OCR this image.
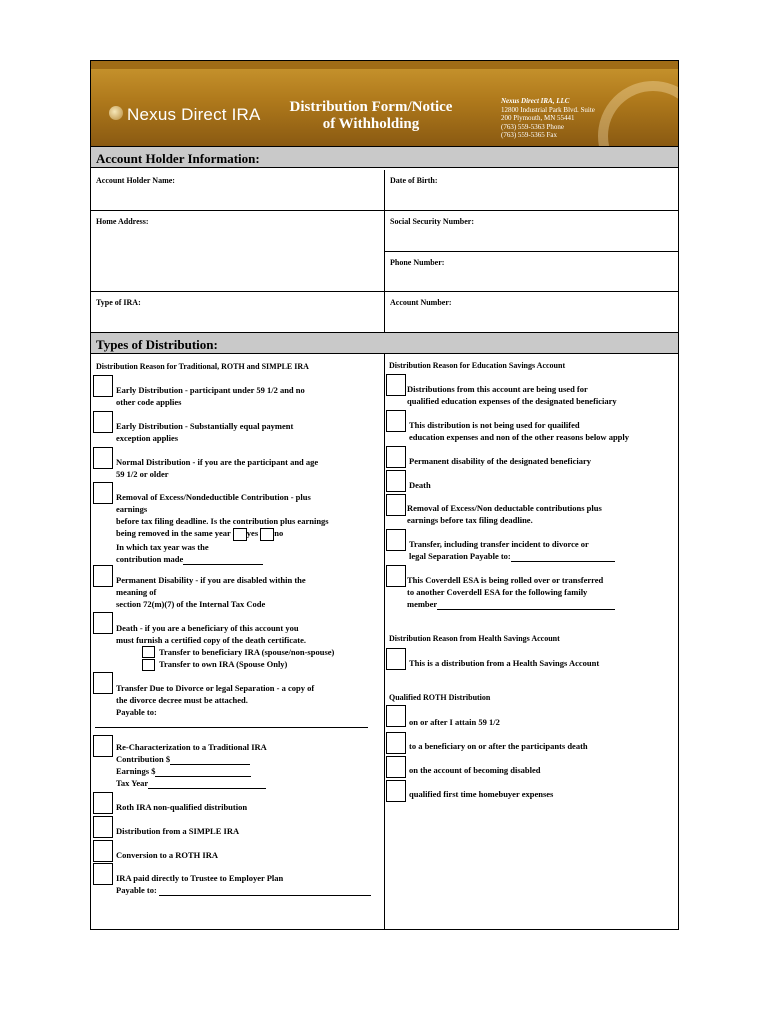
Nexus Direct IRA	Distribution Form/Notice
of Withholding
Nexus Direct IRA, LLC
12800 Industrial Park Blvd. Suite
200 Plymouth, MN 55441
(763) 559-5363 Phone
(763) 559-5365 Fax
Account Holder Information:
Account Holder Name:	Date of Birth:
Home Address:	Social Security Number:
Phone Number:
Type of IRA:	Account Number:
Types of Distribution:
Distribution Reason for Traditional, ROTH and SIMPLE IRA
Early Distribution - participant under 59 1/2 and no
other code applies
Early Distribution - Substantially equal payment
exception applies
Normal Distribution - if you are the participant and age
59 1/2 or older
Removal of Excess/Nondeductible Contribution - plus
earnings
before tax filing deadline. Is the contribution plus earnings
being removed in the same year yes no
In which tax year was the
contribution made
Permanent Disability - if you are disabled within the
meaning of
section 72(m)(7) of the Internal Tax Code
Death - if you are a beneficiary of this account you
must furnish a certified copy of the death certificate.
Transfer to beneficiary IRA (spouse/non-spouse)
Transfer to own IRA (Spouse Only)
Transfer Due to Divorce or legal Separation - a copy of
the divorce decree must be attached.
Payable to:
Re-Characterization to a Traditional IRA
Contribution $
Earnings $
Tax Year
Roth IRA non-qualified distribution
Distribution from a SIMPLE IRA
Conversion to a ROTH IRA
IRA paid directly to Trustee to Employer Plan
Payable to:
Distribution Reason for Education Savings Account
Distributions from this account are being used for
qualified education expenses of the designated beneficiary
This distribution is not being used for quailifed
education expenses and non of the other reasons below apply
Permanent disability of the designated beneficiary
Death
Removal of Excess/Non deductable contributions plus
earnings before tax filing deadline.
Transfer, including transfer incident to divorce or
legal Separation Payable to:
This Coverdell ESA is being rolled over or transferred
to another Coverdell ESA for the following family
member
Distribution Reason from Health Savings Account
This is a distribution from a Health Savings Account
Qualified ROTH Distribution
on or after I attain 59 1/2
to a beneficiary on or after the participants death
on the account of becoming disabled
qualified first time homebuyer expenses
